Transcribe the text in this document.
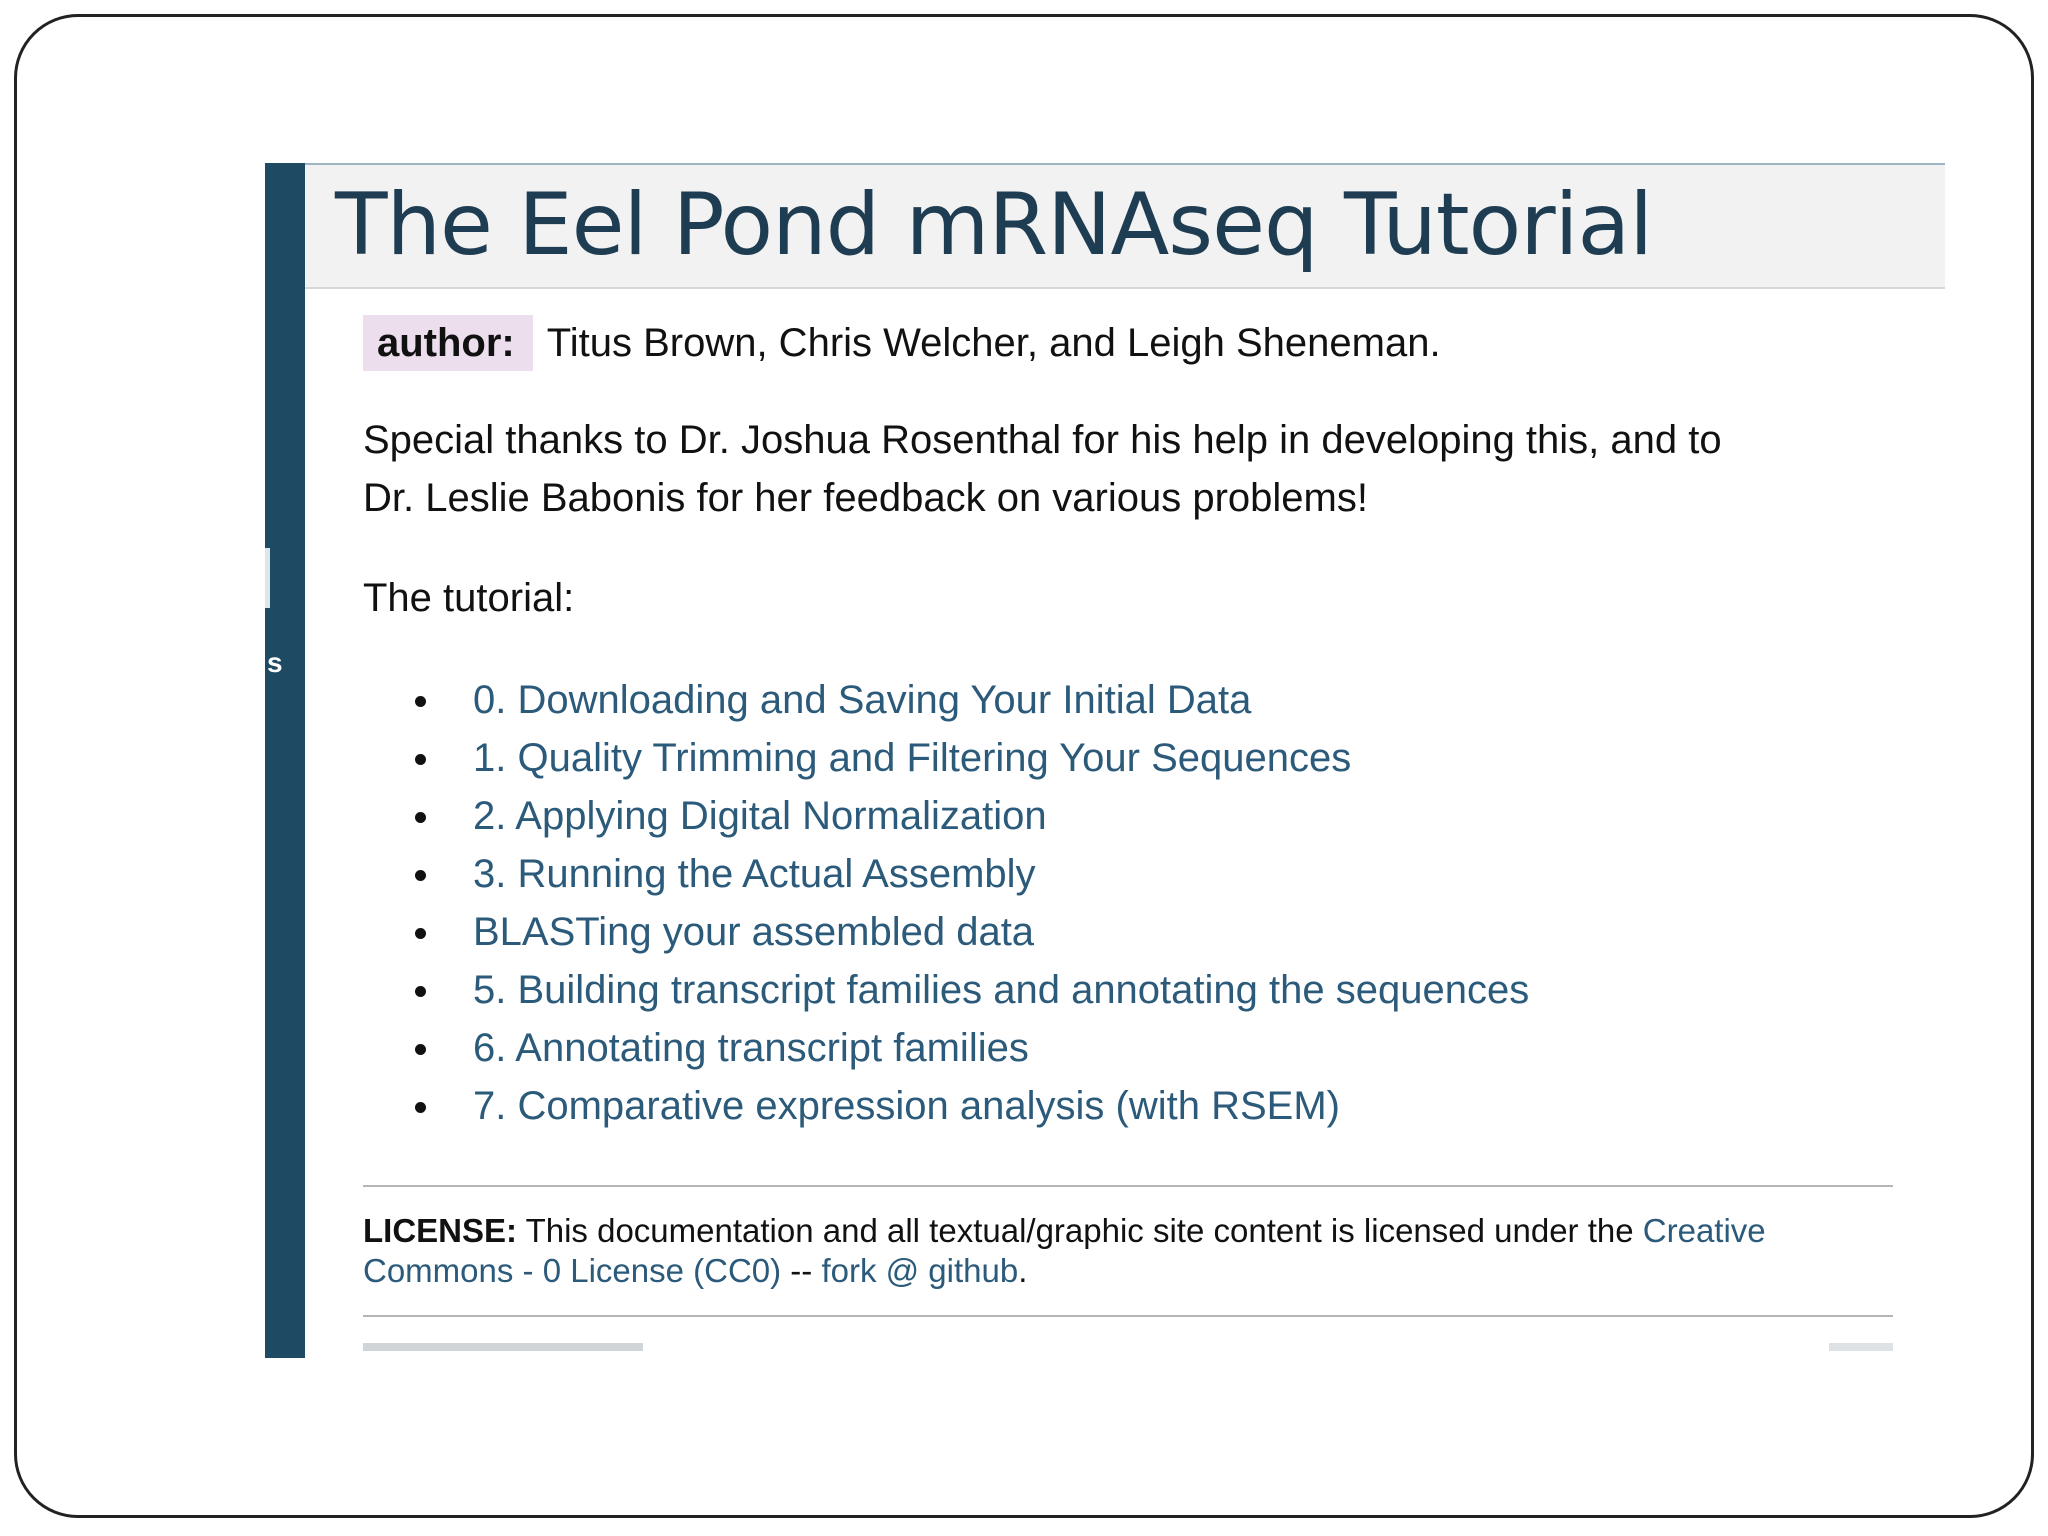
s
The Eel Pond mRNAseq Tutorial
author: Titus Brown, Chris Welcher, and Leigh Sheneman.
Special thanks to Dr. Joshua Rosenthal for his help in developing this, and to
Dr. Leslie Babonis for her feedback on various problems!
The tutorial:
0. Downloading and Saving Your Initial Data
1. Quality Trimming and Filtering Your Sequences
2. Applying Digital Normalization
3. Running the Actual Assembly
BLASTing your assembled data
5. Building transcript families and annotating the sequences
6. Annotating transcript families
7. Comparative expression analysis (with RSEM)
LICENSE: This documentation and all textual/graphic site content is licensed under the Creative Commons - 0 License (CC0) -- fork @ github.
